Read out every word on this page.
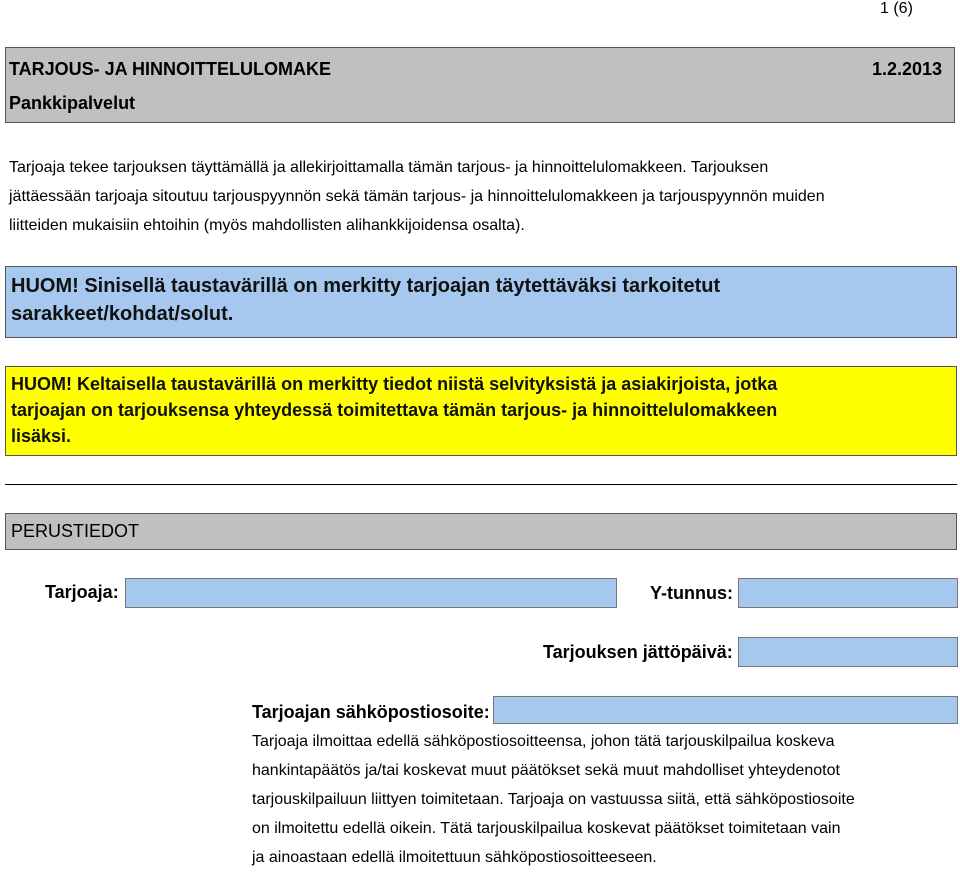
1 (6)
TARJOUS- JA HINNOITTELULOMAKE	1.2.2013
Pankkipalvelut
Tarjoaja tekee tarjouksen täyttämällä ja allekirjoittamalla tämän tarjous- ja hinnoittelulomakkeen. Tarjouksen
jättäessään tarjoaja sitoutuu tarjouspyynnön sekä tämän tarjous- ja hinnoittelulomakkeen ja tarjouspyynnön muiden
liitteiden mukaisiin ehtoihin (myös mahdollisten alihankkijoidensa osalta).
HUOM! Sinisellä taustavärillä on merkitty tarjoajan täytettäväksi tarkoitetut
sarakkeet/kohdat/solut.
HUOM! Keltaisella taustavärillä on merkitty tiedot niistä selvityksistä ja asiakirjoista, jotka
tarjoajan on tarjouksensa yhteydessä toimitettava tämän tarjous- ja hinnoittelulomakkeen
lisäksi.
PERUSTIEDOT
Tarjoaja:	Y-tunnus:
Tarjouksen jättöpäivä:
Tarjoajan sähköpostiosoite:
Tarjoaja ilmoittaa edellä sähköpostiosoitteensa, johon tätä tarjouskilpailua koskeva
hankintapäätös ja/tai koskevat muut päätökset sekä muut mahdolliset yhteydenotot
tarjouskilpailuun liittyen toimitetaan. Tarjoaja on vastuussa siitä, että sähköpostiosoite
on ilmoitettu edellä oikein. Tätä tarjouskilpailua koskevat päätökset toimitetaan vain
ja ainoastaan edellä ilmoitettuun sähköpostiosoitteeseen.
